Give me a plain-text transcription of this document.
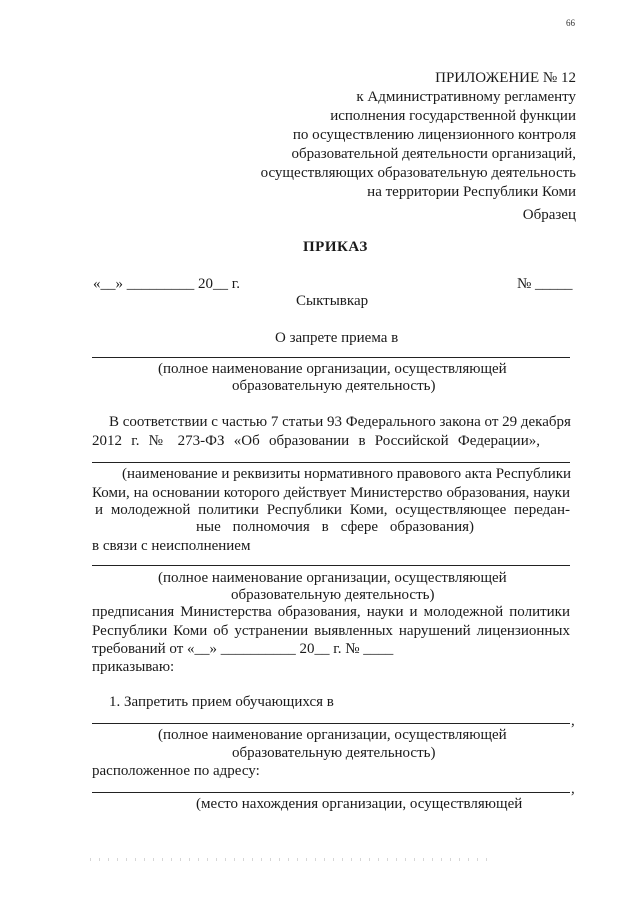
66
ПРИЛОЖЕНИЕ № 12
к Административному регламенту
исполнения государственной функции
по осуществлению лицензионного контроля
образовательной деятельности организаций,
осуществляющих образовательную деятельность
на территории Республики Коми
Образец
ПРИКАЗ
«__» _________ 20__ г.	№ _____
Сыктывкар
О запрете приема в
(полное наименование организации, осуществляющей
образовательную деятельность)
В соответствии с частью 7 статьи 93 Федерального закона от 29 декабря
2012 г. № 273-ФЗ «Об образовании в Российской Федерации»,
(наименование и реквизиты нормативного правового акта Республики
Коми, на основании которого действует Министерство образования, науки
и молодежной политики Республики Коми, осуществляющее передан-
ные полномочия в сфере образования)
в связи с неисполнением
(полное наименование организации, осуществляющей
образовательную деятельность)
предписания Министерства образования, науки и молодежной политики
Республики Коми об устранении выявленных нарушений лицензионных
требований от «__» __________ 20__ г. № ____
приказываю:
1. Запретить прием обучающихся в
,
(полное наименование организации, осуществляющей
образовательную деятельность)
расположенное по адресу:
,
(место нахождения организации, осуществляющей
